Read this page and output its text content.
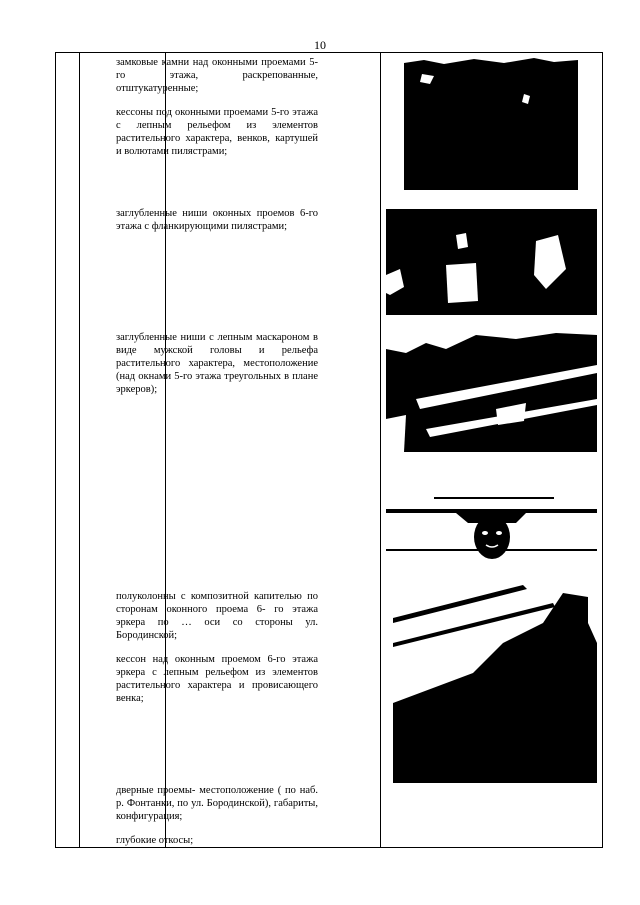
10

замковые камни над оконными проемами 5-го этажа, раскрепованные, отштукатуренные;

кессоны под оконными проемами 5-го этажа с лепным рельефом из элементов растительного характера, венков, картушей и волютами пилястрами;

заглубленные ниши оконных проемов 6-го этажа с фланкирующими пилястрами;

заглубленные ниши с лепным маскароном в виде мужской головы и рельефа растительного характера, местоположение (над окнами 5-го этажа треугольных в плане эркеров);

полуколонны с композитной капителью по сторонам оконного проема 6- го этажа эркера по … оси со стороны ул. Бородинской;

кессон над оконным проемом 6-го этажа эркера с лепным рельефом из элементов растительного характера и провисающего венка;

дверные проемы- местоположение ( по наб. р. Фонтанки, по ул. Бородинской), габариты, конфигурация;

глубокие откосы;
